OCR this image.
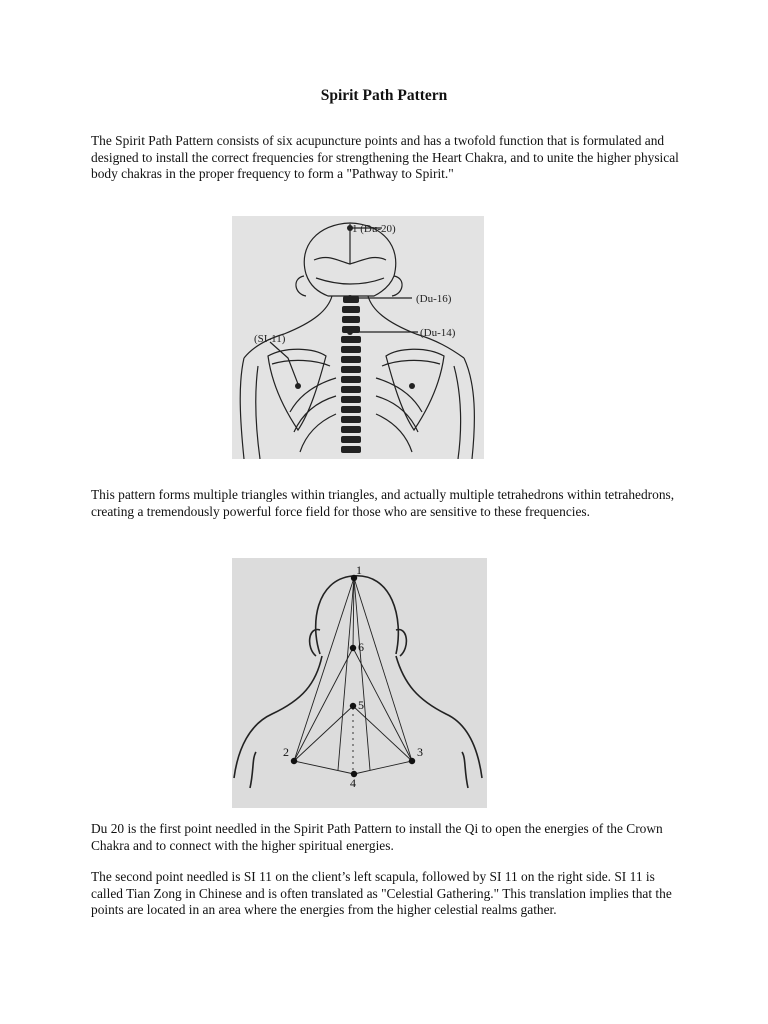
Spirit Path Pattern

The Spirit Path Pattern consists of six acupuncture points and has a twofold function that is formulated and designed to install the correct frequencies for strengthening the Heart Chakra, and to unite the higher physical body chakras in the proper frequency to form a "Pathway to Spirit."

1 (Du-20)
(Du-16)
(Du-14)
(SI-11)

This pattern forms multiple triangles within triangles, and actually multiple tetrahedrons within tetrahedrons, creating a tremendously powerful force field for those who are sensitive to these frequencies.

1
2	3
4
5
6

Du 20 is the first point needled in the Spirit Path Pattern to install the Qi to open the energies of the Crown Chakra and to connect with the higher spiritual energies.

The second point needled is SI 11 on the client’s left scapula, followed by SI 11 on the right side. SI 11 is called Tian Zong in Chinese and is often translated as "Celestial Gathering." This translation implies that the points are located in an area where the energies from the higher celestial realms gather.
